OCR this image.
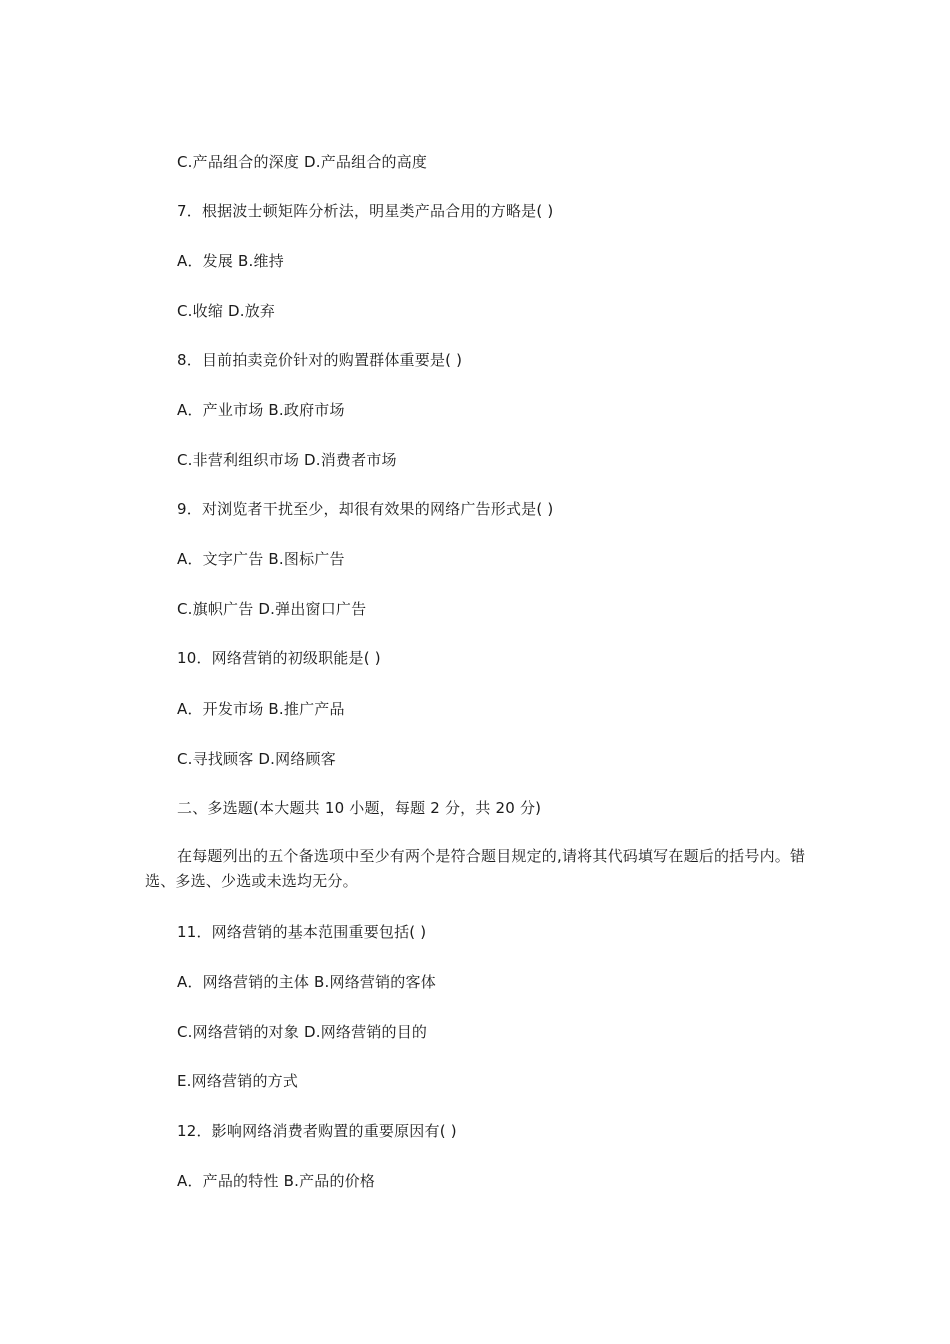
C.产品组合的深度 D.产品组合的高度
7．根据波士顿矩阵分析法，明星类产品合用的方略是( )
A．发展 B.维持
C.收缩 D.放弃
8．目前拍卖竞价针对的购置群体重要是( )
A．产业市场 B.政府市场
C.非营利组织市场 D.消费者市场
9．对浏览者干扰至少，却很有效果的网络广告形式是( )
A．文字广告 B.图标广告
C.旗帜广告 D.弹出窗口广告
10．网络营销的初级职能是( )
A．开发市场 B.推广产品
C.寻找顾客 D.网络顾客
二、多选题(本大题共 10 小题，每题 2 分，共 20 分)
在每题列出的五个备选项中至少有两个是符合题目规定的,请将其代码填写在题后的括号内。错选、多选、少选或未选均无分。
11．网络营销的基本范围重要包括( )
A．网络营销的主体 B.网络营销的客体
C.网络营销的对象 D.网络营销的目的
E.网络营销的方式
12．影响网络消费者购置的重要原因有( )
A．产品的特性 B.产品的价格
